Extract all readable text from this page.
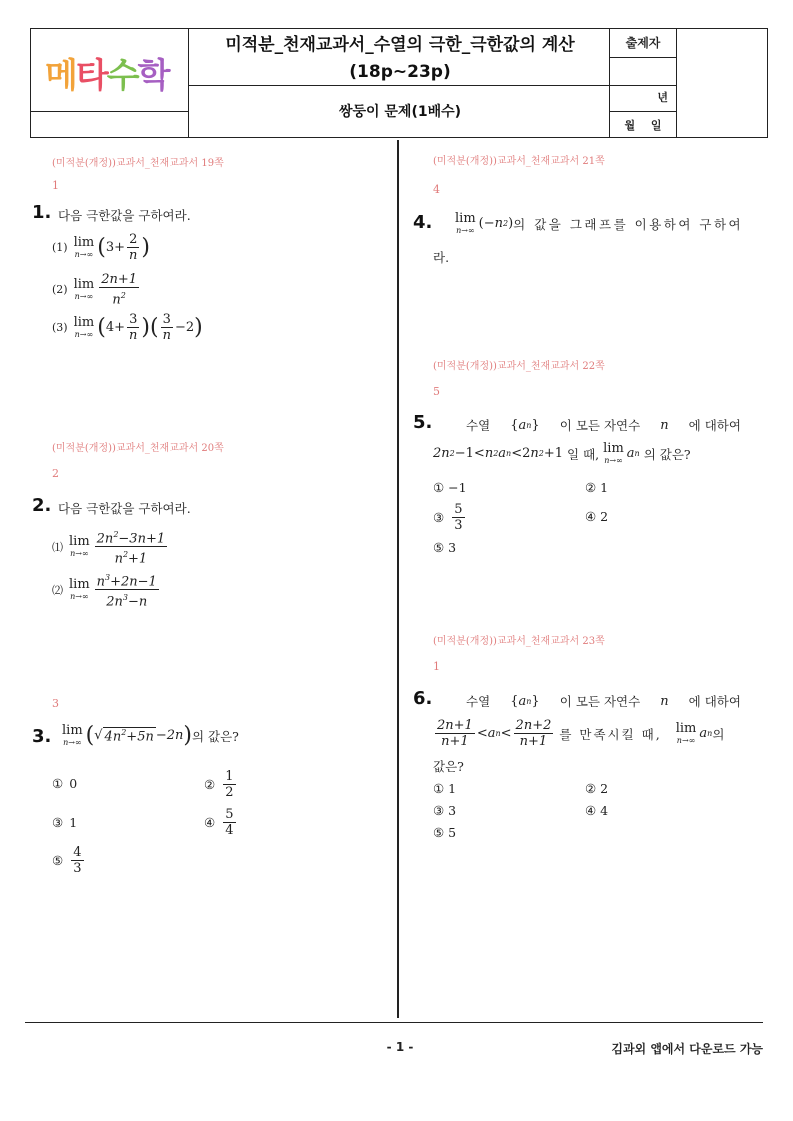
메타수학
미적분_천재교과서_수열의 극한_극한값의 계산
(18p~23p)
쌍둥이 문제(1배수)
출제자
년
월 일
(미적분(개정))교과서_천재교과서 19쪽
1
1. 다음 극한값을 구하여라.
(1) lim
n→∞ ( $3+ \frac{2}{n}$ )
(2) lim
$n\to\infty \frac{2n+1}{n^2}$
(3) lim
n→∞ ( $4+ \frac{3}{n}$ )( $\frac{3}{n} -2$ )
(미적분(개정))교과서_천재교과서 20쪽
2
2. 다음 극한값을 구하여라.
⑴ lim
$n\to\infty \frac{2n^2-3n+1}{n^2+1}$
⑵ lim
$n\to\infty \frac{n^3+2n-1}{2n^3-n}$
3
3. lim
n→∞ ( √ $4n^2+5n -2n$ ) 의 값은?
① 0	② $\frac{1}{2}$
③ 1	④ $\frac{5}{4}$
⑤ $\frac{4}{3}$
(미적분(개정))교과서_천재교과서 21쪽
4
4. lim
n→∞ (− n 2 ) 의 값을 그래프를 이용하여 구하여
라.
(미적분(개정))교과서_천재교과서 22쪽
5
5.	수열 { a n } 이 모든 자연수 n 에 대하여
2n 2 −1< n 2 a n <2 n 2 +1 일 때, lim
n→∞ a n 의 값은?
① −1	② 1
③ $\frac{5}{3}$	④ 2
⑤ 3
(미적분(개정))교과서_천재교과서 23쪽
1
6.	수열 { a n } 이 모든 자연수 n 에 대하여
$\frac{2n+1}{n+1} < a$ $n < \frac{2n+2}{n+1}$ 를 만족시킬 때, lim
n→∞ a n 의
값은?
① 1	② 2
③ 3	④ 4
⑤ 5
- 1 -	김과외 앱에서 다운로드 가능
